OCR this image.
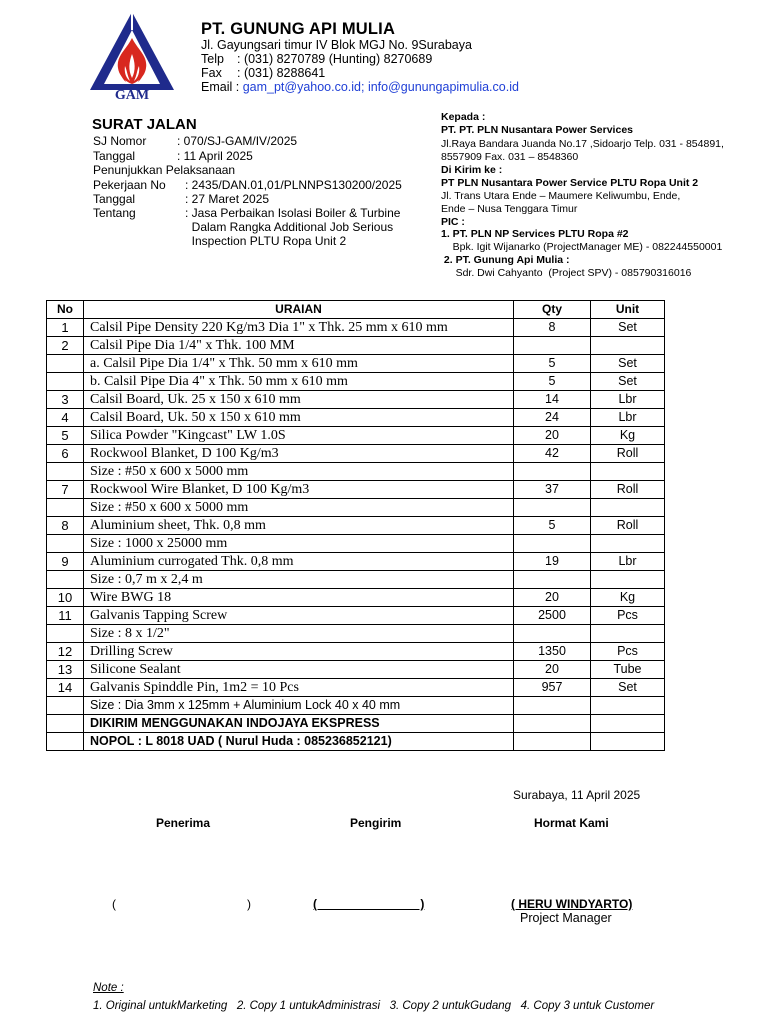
GAM
PT. GUNUNG API MULIA
Jl. Gayungsari timur IV Blok MGJ No. 9Surabaya
Telp : (031) 8270789 (Hunting) 8270689
Fax : (031) 8288641
Email : gam_pt@yahoo.co.id; info@gunungapimulia.co.id
SURAT JALAN
SJ Nomor	: 070/SJ-GAM/IV/2025
Tanggal	: 11 April 2025
Penunjukkan Pelaksanaan
Pekerjaan No : 2435/DAN.01,01/PLNNPS130200/2025
Tanggal	: 27 Maret 2025
Tentang	: Jasa Perbaikan Isolasi Boiler & Turbine
Dalam Rangka Additional Job Serious
Inspection PLTU Ropa Unit 2
Kepada :
PT. PT. PLN Nusantara Power Services
Jl.Raya Bandara Juanda No.17 ,Sidoarjo Telp. 031 - 854891,
8557909 Fax. 031 – 8548360
Di Kirim ke :
PT PLN Nusantara Power Service PLTU Ropa Unit 2
Jl. Trans Utara Ende – Maumere Keliwumbu, Ende,
Ende – Nusa Tenggara Timur
PIC :
1. PT. PLN NP Services PLTU Ropa #2
Bpk. Igit Wijanarko (ProjectManager ME) - 082244550001
2. PT. Gunung Api Mulia :
Sdr. Dwi Cahyanto  (Project SPV) - 085790316016
No	URAIAN	Qty	Unit
1	Calsil Pipe Density 220 Kg/m3 Dia 1" x Thk. 25 mm x 610 mm	8	Set
2	Calsil Pipe Dia 1/4" x Thk. 100 MM		
	a. Calsil Pipe Dia 1/4" x Thk. 50 mm x 610 mm	5	Set
	b. Calsil Pipe Dia 4" x Thk. 50 mm x 610 mm	5	Set
3	Calsil Board, Uk. 25 x 150 x 610 mm	14	Lbr
4	Calsil Board, Uk. 50 x 150 x 610 mm	24	Lbr
5	Silica Powder "Kingcast" LW 1.0S	20	Kg
6	Rockwool Blanket, D 100 Kg/m3	42	Roll
	Size : #50 x 600 x 5000 mm		
7	Rockwool Wire Blanket, D 100 Kg/m3	37	Roll
	Size : #50 x 600 x 5000 mm		
8	Aluminium sheet, Thk. 0,8 mm	5	Roll
	Size : 1000 x 25000 mm		
9	Aluminium currogated Thk. 0,8 mm	19	Lbr
	Size : 0,7 m x 2,4 m		
10	Wire BWG 18	20	Kg
11	Galvanis Tapping Screw	2500	Pcs
	Size : 8 x 1/2"		
12	Drilling Screw	1350	Pcs
13	Silicone Sealant	20	Tube
14	Galvanis Spinddle Pin, 1m2 = 10 Pcs	957	Set
	Size : Dia 3mm x 125mm + Aluminium Lock 40 x 40 mm		
	DIKIRIM MENGGUNAKAN INDOJAYA EKSPRESS		
	NOPOL : L 8018 UAD ( Nurul Huda : 085236852121)		
Surabaya, 11 April 2025
Penerima	Pengirim	Hormat Kami
(	)	(                               )	( HERU WINDYARTO)
Project Manager
Note :
1. Original untukMarketing   2. Copy 1 untukAdministrasi   3. Copy 2 untukGudang   4. Copy 3 untuk Customer
